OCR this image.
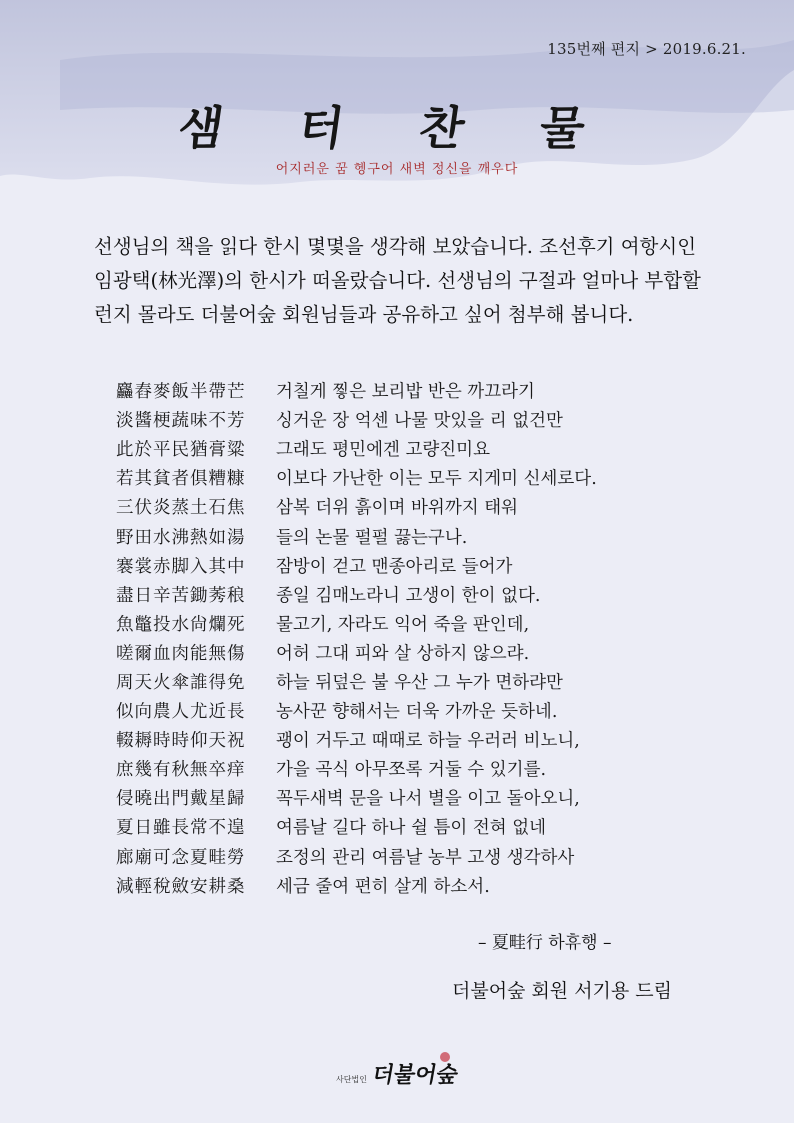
135번째 편지 > 2019.6.21.
샘 터 찬 물
어지러운 꿈 헹구어 새벽 정신을 깨우다
선생님의 책을 읽다 한시 몇몇을 생각해 보았습니다. 조선후기 여항시인 임광택(林光澤)의 한시가 떠올랐습니다. 선생님의 구절과 얼마나 부합할런지 몰라도 더불어숲 회원님들과 공유하고 싶어 첨부해 봅니다.
麤舂麥飯半帶芒	거칠게 찧은 보리밥 반은 까끄라기
淡醬梗蔬味不芳	싱거운 장 억센 나물 맛있을 리 없건만
此於平民猶膏粱	그래도 평민에겐 고량진미요
若其貧者俱糟糠	이보다 가난한 이는 모두 지게미 신세로다.
三伏炎蒸土石焦	삼복 더위 흙이며 바위까지 태워
野田水沸熱如湯	들의 논물 펄펄 끓는구나.
褰裳赤脚入其中	잠방이 걷고 맨종아리로 들어가
盡日辛苦鋤莠稂	종일 김매노라니 고생이 한이 없다.
魚鼈投水尙爛死	물고기, 자라도 익어 죽을 판인데,
嗟爾血肉能無傷	어허 그대 피와 살 상하지 않으랴.
周天火傘誰得免	하늘 뒤덮은 불 우산 그 누가 면하랴만
似向農人尤近長	농사꾼 향해서는 더욱 가까운 듯하네.
輟耨時時仰天祝	괭이 거두고 때때로 하늘 우러러 비노니,
庶幾有秋無卒痒	가을 곡식 아무쪼록 거둘 수 있기를.
侵曉出門戴星歸	꼭두새벽 문을 나서 별을 이고 돌아오니,
夏日雖長常不遑	여름날 길다 하나 쉴 틈이 전혀 없네
廊廟可念夏畦勞	조정의 관리 여름날 농부 고생 생각하사
減輕稅斂安耕桑	세금 줄여 편히 살게 하소서.
– 夏畦行 하휴행 –
더불어숲 회원 서기용 드림
사단법인 더불어숲
